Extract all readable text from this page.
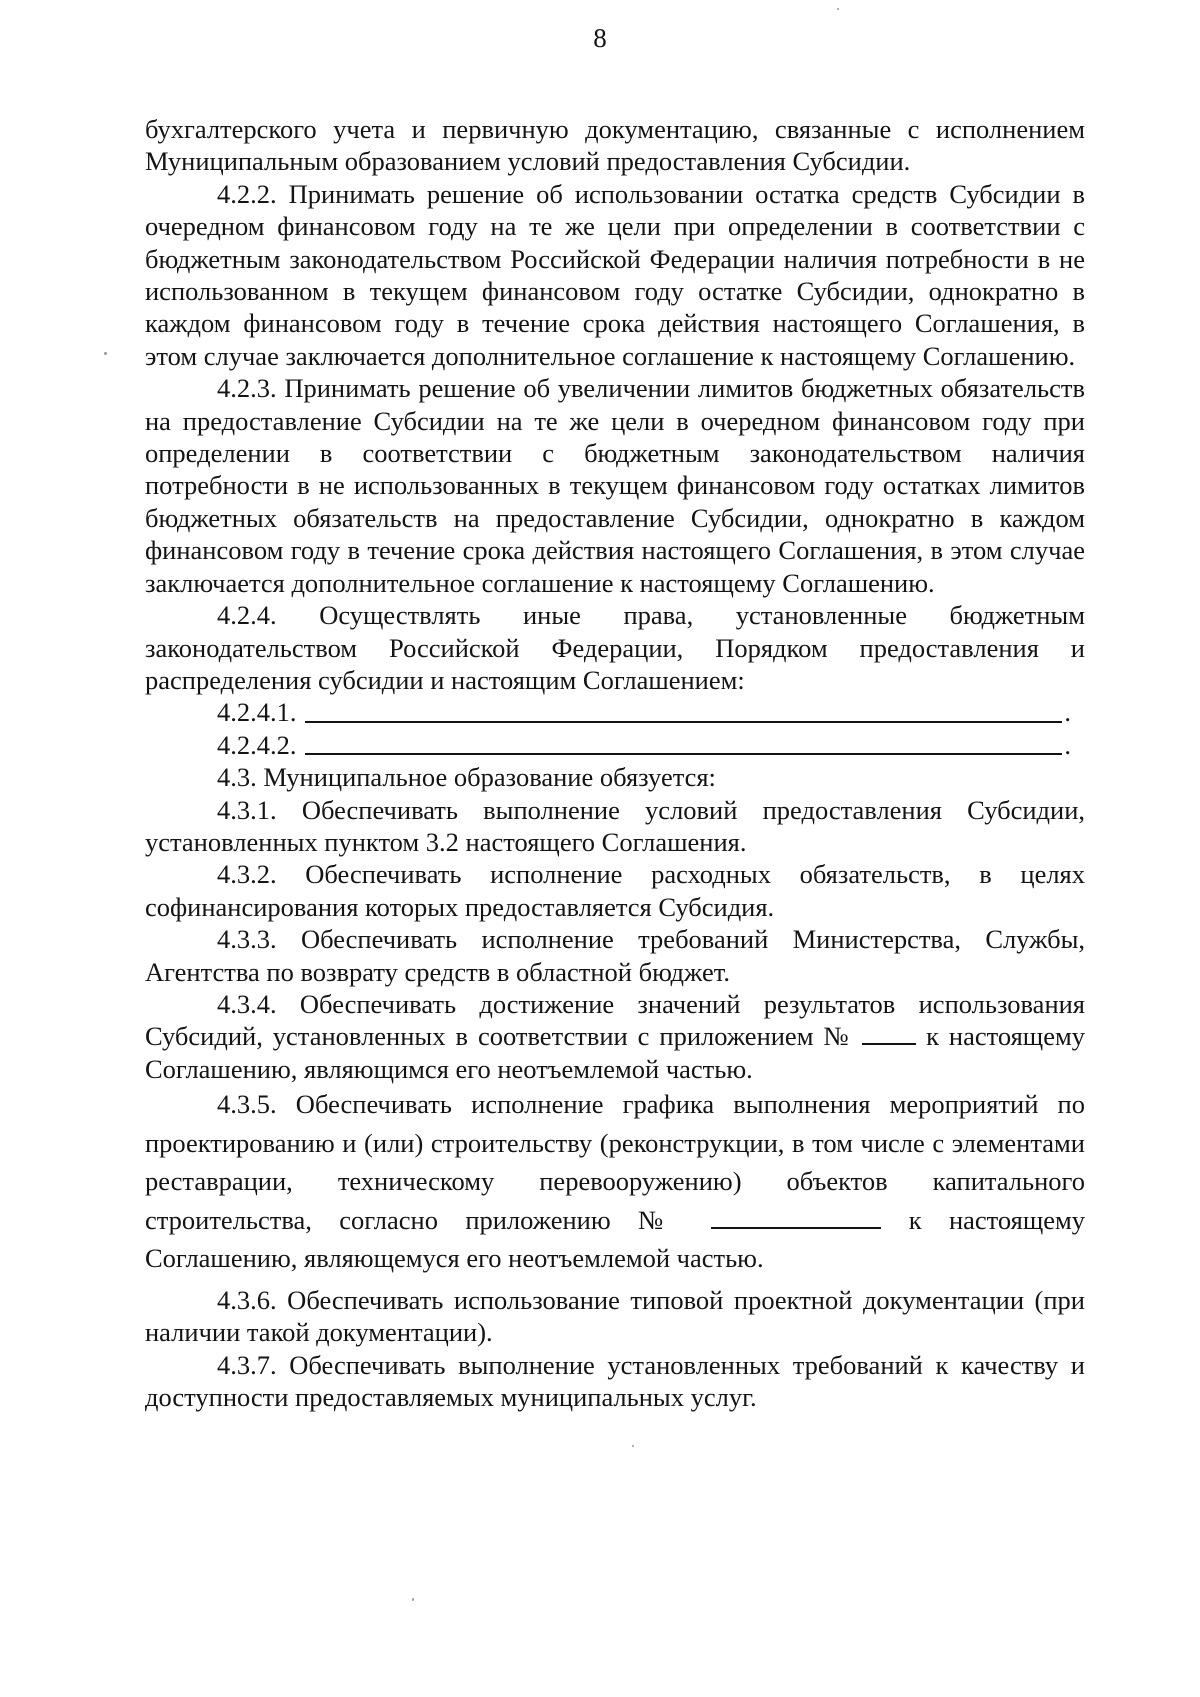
8

бухгалтерского учета и первичную документацию, связанные с исполнением Муниципальным образованием условий предоставления Субсидии.

4.2.2. Принимать решение об использовании остатка средств Субсидии в очередном финансовом году на те же цели при определении в соответствии с бюджетным законодательством Российской Федерации наличия потребности в не использованном в текущем финансовом году остатке Субсидии, однократно в каждом финансовом году в течение срока действия настоящего Соглашения, в этом случае заключается дополнительное соглашение к настоящему Соглашению.

4.2.3. Принимать решение об увеличении лимитов бюджетных обязательств на предоставление Субсидии на те же цели в очередном финансовом году при определении в соответствии с бюджетным законодательством наличия потребности в не использованных в текущем финансовом году остатках лимитов бюджетных обязательств на предоставление Субсидии, однократно в каждом финансовом году в течение срока действия настоящего Соглашения, в этом случае заключается дополнительное соглашение к настоящему Соглашению.

4.2.4. Осуществлять иные права, установленные бюджетным законодательством Российской Федерации, Порядком предоставления и распределения субсидии и настоящим Соглашением:

4.2.4.1.	.
4.2.4.2.	.

4.3. Муниципальное образование обязуется:

4.3.1. Обеспечивать выполнение условий предоставления Субсидии, установленных пунктом 3.2 настоящего Соглашения.

4.3.2. Обеспечивать исполнение расходных обязательств, в целях софинансирования которых предоставляется Субсидия.

4.3.3. Обеспечивать исполнение требований Министерства, Службы, Агентства по возврату средств в областной бюджет.

4.3.4. Обеспечивать достижение значений результатов использования Субсидий, установленных в соответствии с приложением №	к настоящему Соглашению, являющимся его неотъемлемой частью.

4.3.5. Обеспечивать исполнение графика выполнения мероприятий по проектированию и (или) строительству (реконструкции, в том числе с элементами реставрации, техническому перевооружению) объектов капитального строительства, согласно приложению №	к настоящему Соглашению, являющемуся его неотъемлемой частью.

4.3.6. Обеспечивать использование типовой проектной документации (при наличии такой документации).

4.3.7. Обеспечивать выполнение установленных требований к качеству и доступности предоставляемых муниципальных услуг.
